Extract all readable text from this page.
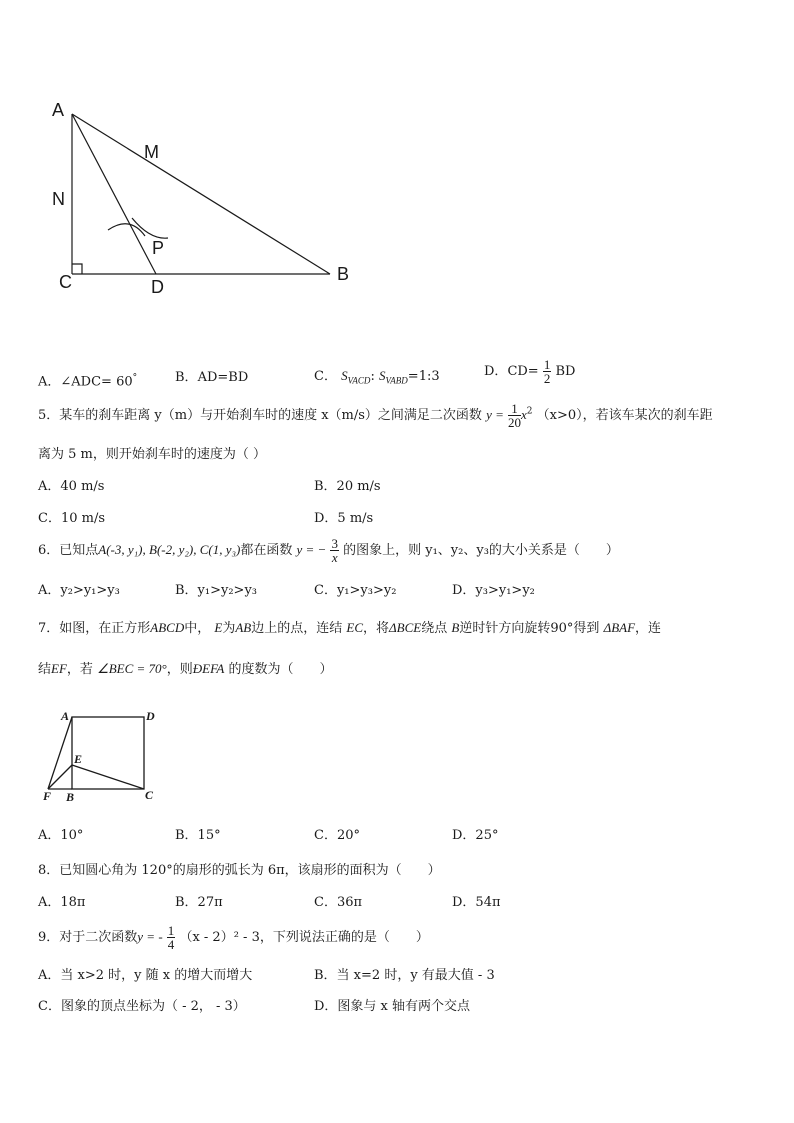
A
M
N
P
C	D
B
A．∠ADC= 60°	B．AD=BD	C． $S_{VACD}$: $S_{VABD}=1:3$	D．$CD= \frac{1}{2}$ BD
5．某车的刹车距离 y（m）与开始刹车时的速度 x（m/s）之间满足二次函数 $y = \frac{1}{20} x^2$ （x>0），若该车某次的刹车距
离为 5 m，则开始刹车时的速度为（ ）
A．40 m/s	B．20 m/s
C．10 m/s	D．5 m/s
6．已知点A(-3, y₁), B(-2, y₂), C(1, y₃)都在函数 y = − $\frac{3}{x}$ 的图象上，则 y₁、y₂、y₃的大小关系是（　　）
A．y₂>y₁>y₃	B．y₁>y₂>y₃	C．y₁>y₃>y₂	D．y₃>y₁>y₂
7．如图，在正方形ABCD中， E为AB边上的点，连结 EC，将ΔBCE绕点 B逆时针方向旋转90°得到 ΔBAF，连
结EF，若 ∠BEC = 70°，则ÐEFA 的度数为（　　）
A	D
E
F B	C
A．10°	B．15°	C．20°	D．25°
8．已知圆心角为 120°的扇形的弧长为 6π，该扇形的面积为（　　）
A．18π	B．27π	C．36π	D．54π
9．对于二次函数y = - $\frac{1}{4} (x - 2)^2 - 3$，下列说法正确的是（　　）
A．当 x>2 时，y 随 x 的增大而增大	B．当 x=2 时，y 有最大值 - 3
C．图象的顶点坐标为（ - 2， - 3）	D．图象与 x 轴有两个交点
